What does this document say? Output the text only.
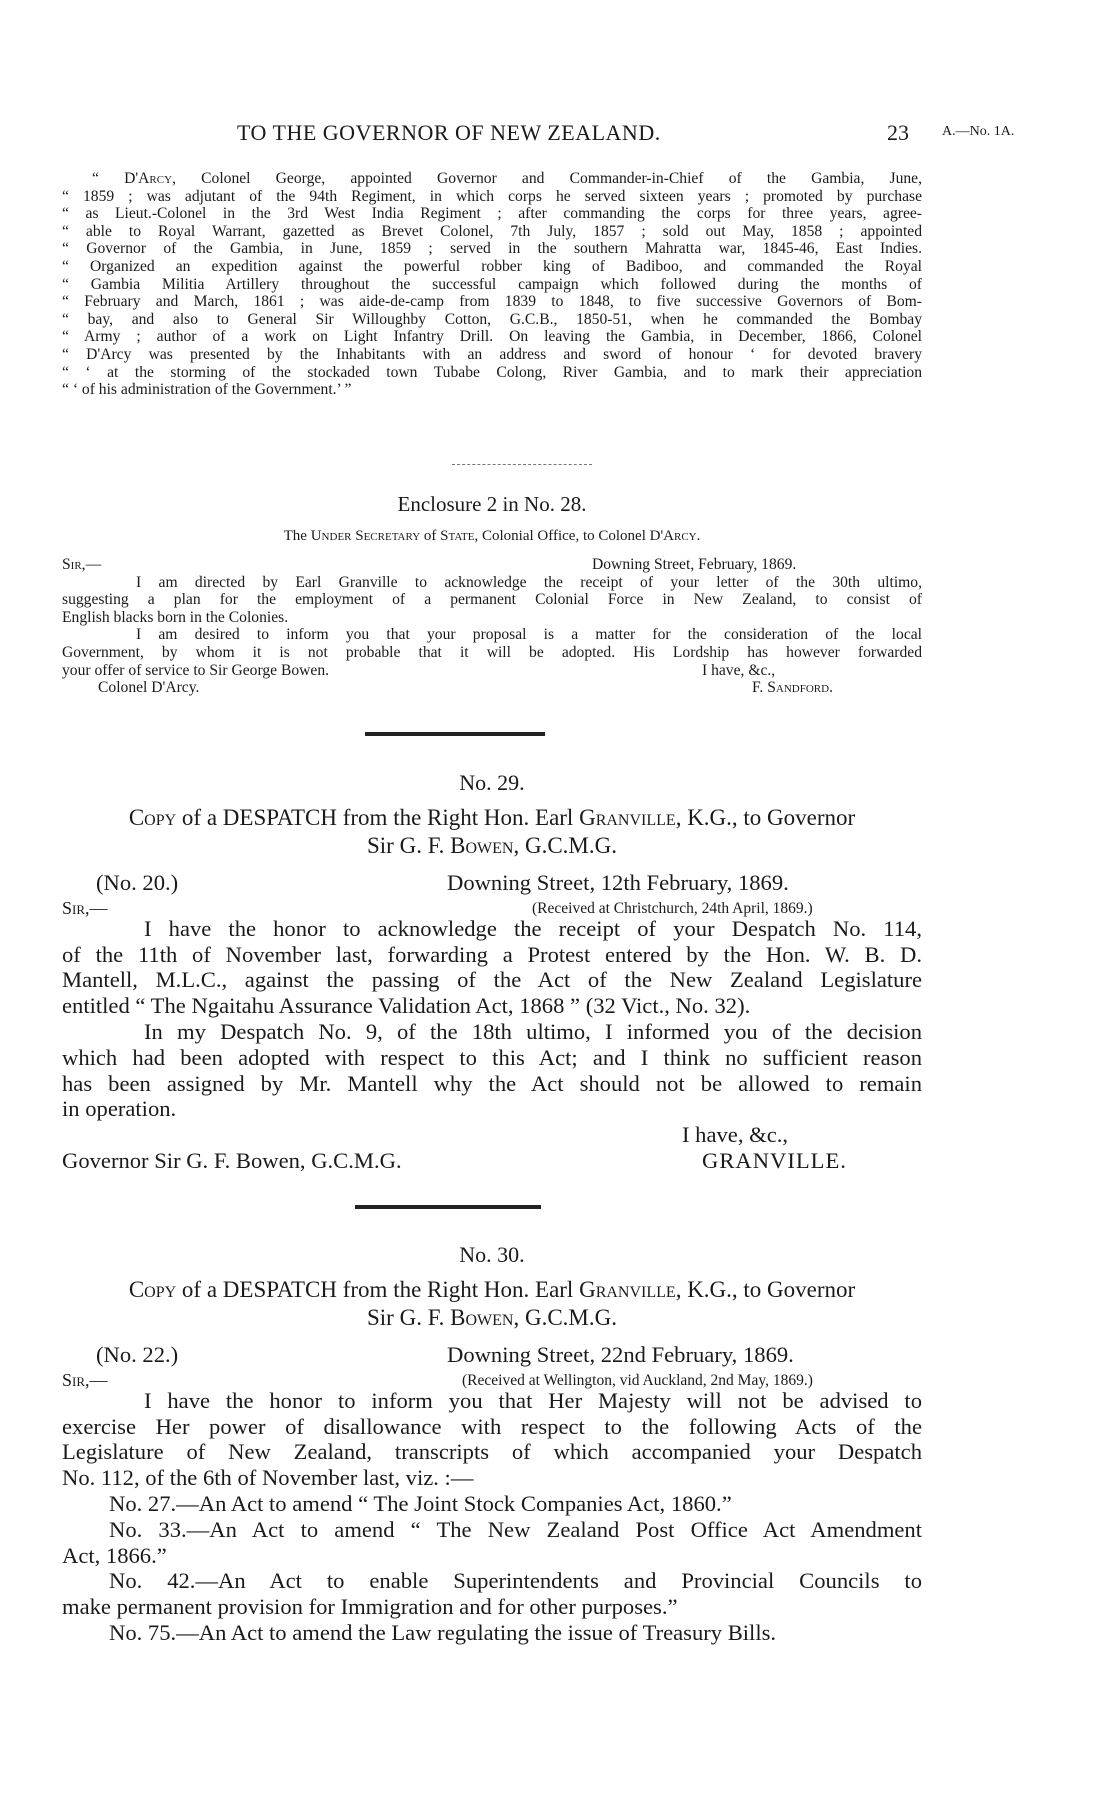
TO THE GOVERNOR OF NEW ZEALAND.	23 A.—No. 1A.

“ D'Arcy, Colonel George, appointed Governor and Commander-in-Chief of the Gambia, June,

“ 1859 ; was adjutant of the 94th Regiment, in which corps he served sixteen years ; promoted by purchase

“ as Lieut.-Colonel in the 3rd West India Regiment ; after commanding the corps for three years, agree-

“ able to Royal Warrant, gazetted as Brevet Colonel, 7th July, 1857 ; sold out May, 1858 ; appointed

“ Governor of the Gambia, in June, 1859 ; served in the southern Mahratta war, 1845-46, East Indies.

“ Organized an expedition against the powerful robber king of Badiboo, and commanded the Royal

“ Gambia Militia Artillery throughout the successful campaign which followed during the months of

“ February and March, 1861 ; was aide-de-camp from 1839 to 1848, to five successive Governors of Bom-

“ bay, and also to General Sir Willoughby Cotton, G.C.B., 1850-51, when he commanded the Bombay

“ Army ; author of a work on Light Infantry Drill. On leaving the Gambia, in December, 1866, Colonel

“ D'Arcy was presented by the Inhabitants with an address and sword of honour ‘ for devoted bravery

“ ‘ at the storming of the stockaded town Tubabe Colong, River Gambia, and to mark their appreciation

“ ‘ of his administration of the Government.’ ”

Enclosure 2 in No. 28.
The Under Secretary of State, Colonial Office, to Colonel D'Arcy.
Sir,—	Downing Street, February, 1869.

I am directed by Earl Granville to acknowledge the receipt of your letter of the 30th ultimo,

suggesting a plan for the employment of a permanent Colonial Force in New Zealand, to consist of

English blacks born in the Colonies.

I am desired to inform you that your proposal is a matter for the consideration of the local

Government, by whom it is not probable that it will be adopted. His Lordship has however forwarded

your offer of service to Sir George Bowen.	I have, &c.,
Colonel D'Arcy.	F. Sandford.
No. 29.
Copy of a DESPATCH from the Right Hon. Earl Granville, K.G., to Governor
Sir G. F. Bowen, G.C.M.G.
(No. 20.)	Downing Street, 12th February, 1869.
Sir,—	(Received at Christchurch, 24th April, 1869.)

I have the honor to acknowledge the receipt of your Despatch No. 114,

of the 11th of November last, forwarding a Protest entered by the Hon. W. B. D.

Mantell, M.L.C., against the passing of the Act of the New Zealand Legislature

entitled “ The Ngaitahu Assurance Validation Act, 1868 ” (32 Vict., No. 32).

In my Despatch No. 9, of the 18th ultimo, I informed you of the decision

which had been adopted with respect to this Act; and I think no sufficient reason

has been assigned by Mr. Mantell why the Act should not be allowed to remain

in operation.

I have, &c.,
Governor Sir G. F. Bowen, G.C.M.G.	GRANVILLE.
No. 30.
Copy of a DESPATCH from the Right Hon. Earl Granville, K.G., to Governor
Sir G. F. Bowen, G.C.M.G.
(No. 22.)	Downing Street, 22nd February, 1869.
Sir,—	(Received at Wellington, vid Auckland, 2nd May, 1869.)

I have the honor to inform you that Her Majesty will not be advised to

exercise Her power of disallowance with respect to the following Acts of the

Legislature of New Zealand, transcripts of which accompanied your Despatch

No. 112, of the 6th of November last, viz. :—

No. 27.—An Act to amend “ The Joint Stock Companies Act, 1860.”

No. 33.—An Act to amend “ The New Zealand Post Office Act Amendment

Act, 1866.”

No. 42.—An Act to enable Superintendents and Provincial Councils to

make permanent provision for Immigration and for other purposes.”

No. 75.—An Act to amend the Law regulating the issue of Treasury Bills.
